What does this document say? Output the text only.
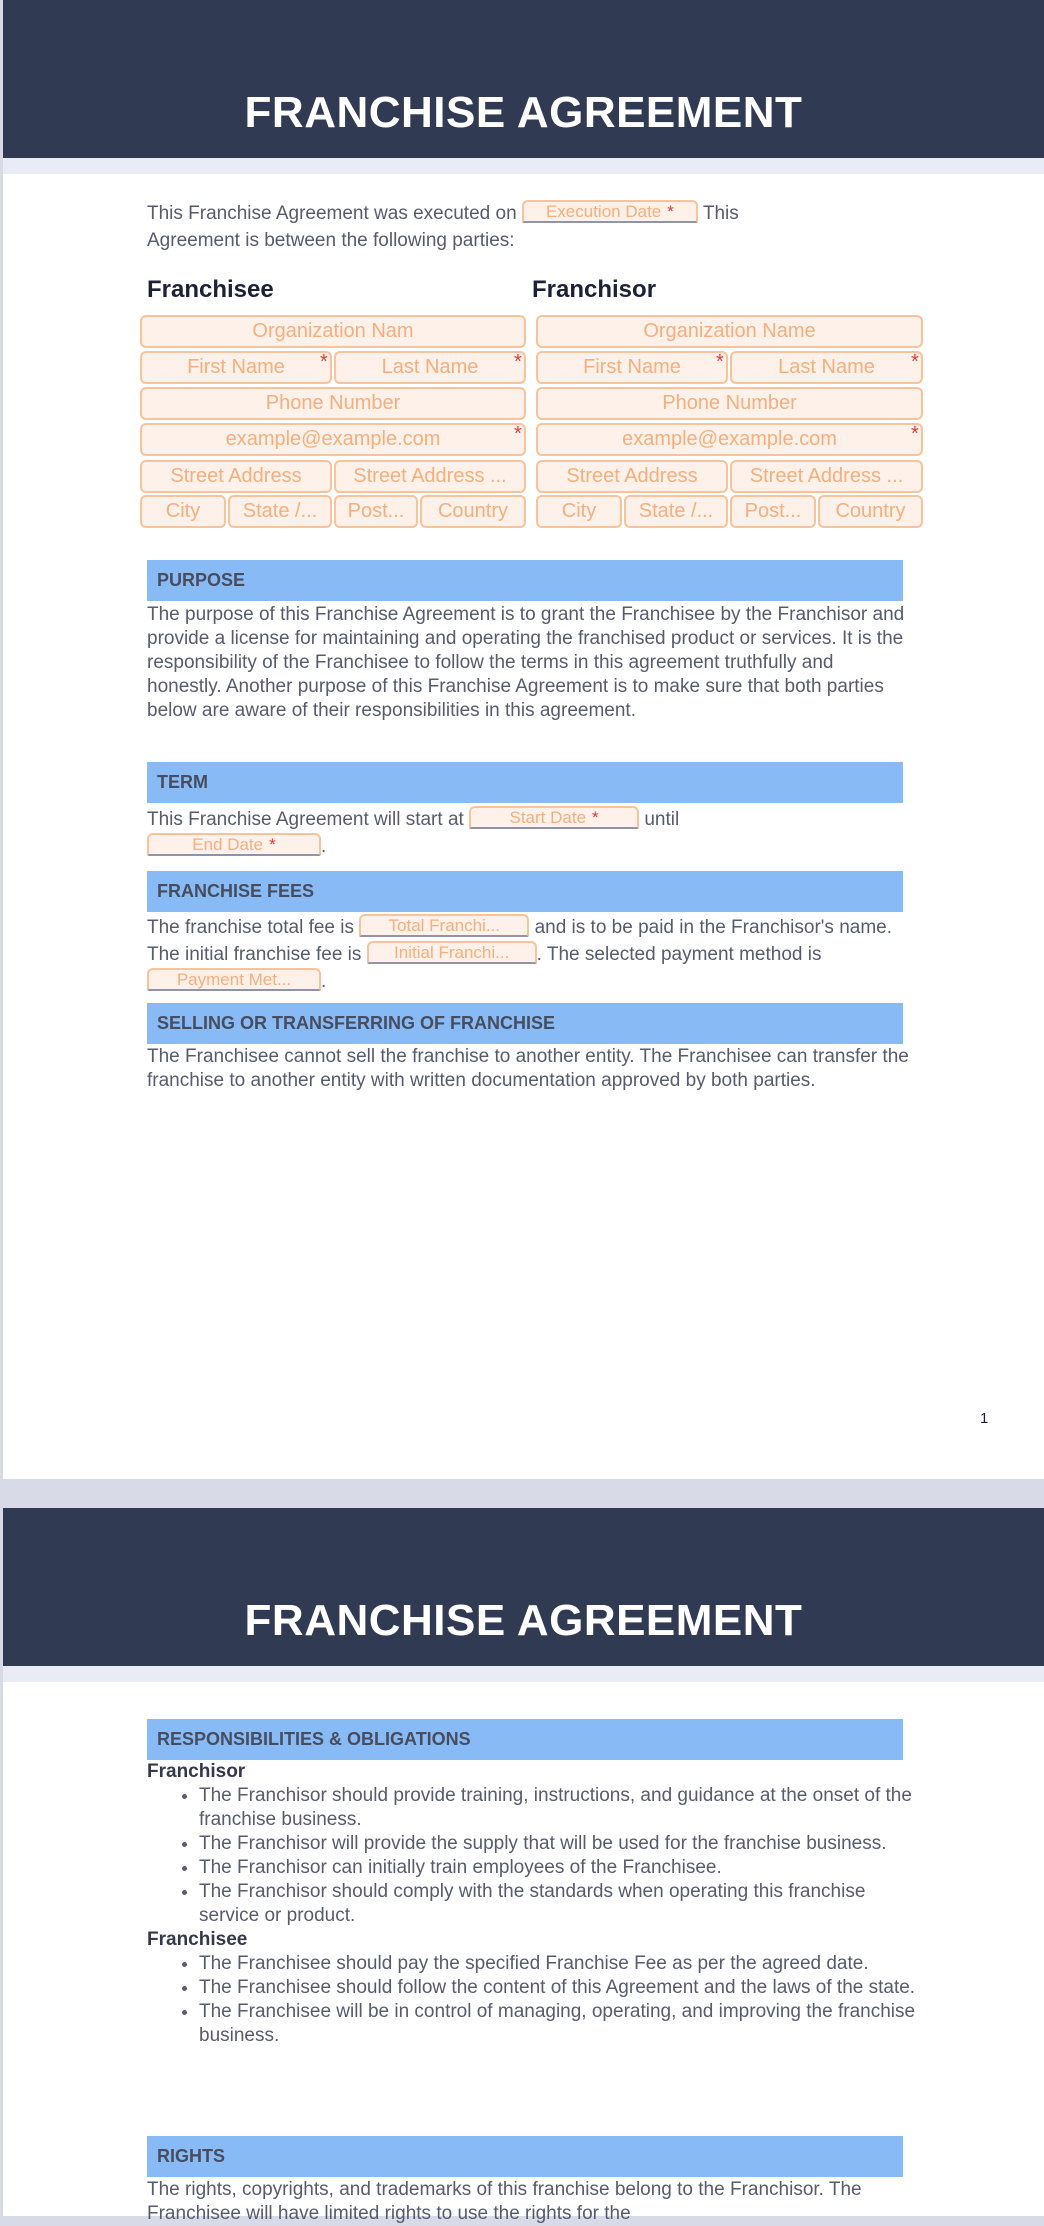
FRANCHISE AGREEMENT
This Franchise Agreement was executed on Execution Date * This
Agreement is between the following parties:
Franchisee	Franchisor
Organization Nam
First Name	*	Last Name	*
Phone Number
example@example.com	*
Street Address	Street Address ...
City	State /...	Post...	Country
Organization Name
First Name	*	Last Name	*
Phone Number
example@example.com	*
Street Address	Street Address ...
City	State /...	Post...	Country
PURPOSE
The purpose of this Franchise Agreement is to grant the Franchisee by the Franchisor and provide a license for maintaining and operating the franchised product or services. It is the responsibility of the Franchisee to follow the terms in this agreement truthfully and honestly. Another purpose of this Franchise Agreement is to make sure that both parties below are aware of their responsibilities in this agreement.
TERM
This Franchise Agreement will start at	Start Date * until
End Date * .
FRANCHISE FEES
The franchise total fee is Total Franchi... and is to be paid in the Franchisor's name. The initial franchise fee is Initial Franchi... . The selected payment method is Payment Met... .
SELLING OR TRANSFERRING OF FRANCHISE
The Franchisee cannot sell the franchise to another entity. The Franchisee can transfer the franchise to another entity with written documentation approved by both parties.
1
FRANCHISE AGREEMENT
RESPONSIBILITIES & OBLIGATIONS
Franchisor
• The Franchisor should provide training, instructions, and guidance at the onset of the franchise business.
• The Franchisor will provide the supply that will be used for the franchise business.
• The Franchisor can initially train employees of the Franchisee.
• The Franchisor should comply with the standards when operating this franchise service or product.
Franchisee
• The Franchisee should pay the specified Franchise Fee as per the agreed date.
• The Franchisee should follow the content of this Agreement and the laws of the state.
• The Franchisee will be in control of managing, operating, and improving the franchise business.
RIGHTS
The rights, copyrights, and trademarks of this franchise belong to the Franchisor. The Franchisee will have limited rights to use the rights for the
